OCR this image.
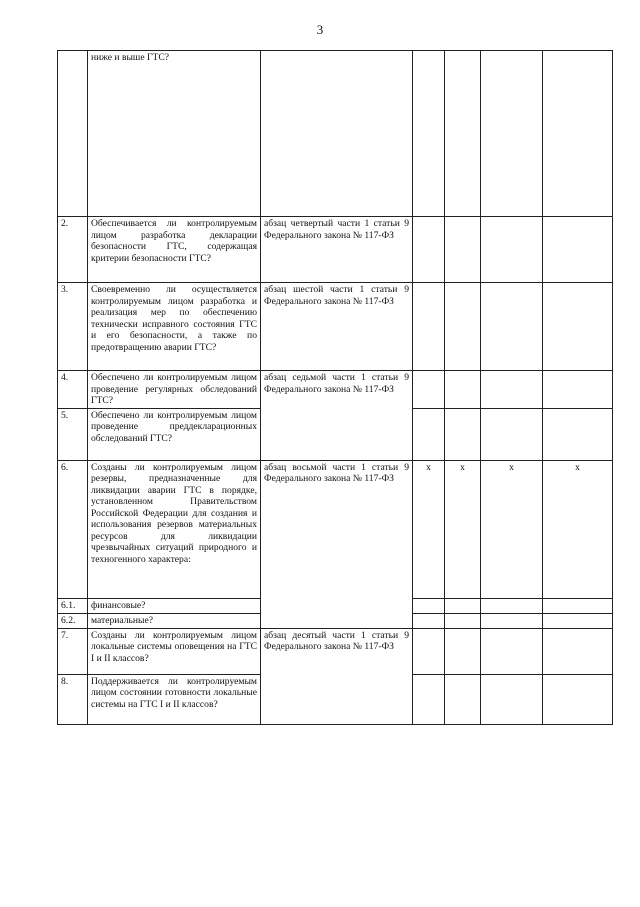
3
	ниже и выше ГТС?					
2.	Обеспечивается ли контролируемым лицом разработка декларации безопасности ГТС, содержащая критерии безопасности ГТС?	абзац четвертый части 1 статьи 9 Федерального закона № 117-ФЗ				
3.	Своевременно ли осуществляется контролируемым лицом разработка и реализация мер по обеспечению технически исправного состояния ГТС и его безопасности, а также по предотвращению аварии ГТС?	абзац шестой части 1 статьи 9 Федерального закона № 117-ФЗ				
4.	Обеспечено ли контролируемым лицом проведение регулярных обследований ГТС?	абзац седьмой части 1 статьи 9 Федерального закона № 117-ФЗ				
5.	Обеспечено ли контролируемым лицом проведение преддекларационных обследований ГТС?					
6.	Созданы ли контролируемым лицом резервы, предназначенные для ликвидации аварии ГТС в порядке, установленном Правительством Российской Федерации для создания и использования резервов материальных ресурсов для ликвидации чрезвычайных ситуаций природного и техногенного характера:	абзац восьмой части 1 статьи 9 Федерального закона № 117-ФЗ	х	х	х	х
6.1.	финансовые?					
6.2.	материальные?					
7.	Созданы ли контролируемым лицом локальные системы оповещения на ГТС I и II классов?	абзац десятый части 1 статьи 9 Федерального закона № 117-ФЗ				
8.	Поддерживается ли контролируемым лицом состоянии готовности локальные системы на ГТС I и II классов?					
